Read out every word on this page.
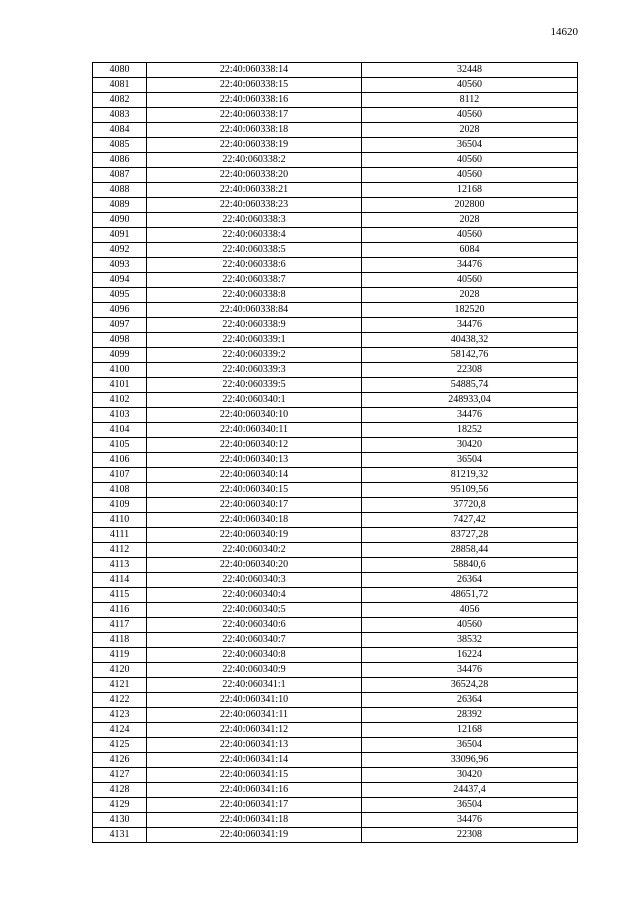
14620
4080	22:40:060338:14	32448
4081	22:40:060338:15	40560
4082	22:40:060338:16	8112
4083	22:40:060338:17	40560
4084	22:40:060338:18	2028
4085	22:40:060338:19	36504
4086	22:40:060338:2	40560
4087	22:40:060338:20	40560
4088	22:40:060338:21	12168
4089	22:40:060338:23	202800
4090	22:40:060338:3	2028
4091	22:40:060338:4	40560
4092	22:40:060338:5	6084
4093	22:40:060338:6	34476
4094	22:40:060338:7	40560
4095	22:40:060338:8	2028
4096	22:40:060338:84	182520
4097	22:40:060338:9	34476
4098	22:40:060339:1	40438,32
4099	22:40:060339:2	58142,76
4100	22:40:060339:3	22308
4101	22:40:060339:5	54885,74
4102	22:40:060340:1	248933,04
4103	22:40:060340:10	34476
4104	22:40:060340:11	18252
4105	22:40:060340:12	30420
4106	22:40:060340:13	36504
4107	22:40:060340:14	81219,32
4108	22:40:060340:15	95109,56
4109	22:40:060340:17	37720,8
4110	22:40:060340:18	7427,42
4111	22:40:060340:19	83727,28
4112	22:40:060340:2	28858,44
4113	22:40:060340:20	58840,6
4114	22:40:060340:3	26364
4115	22:40:060340:4	48651,72
4116	22:40:060340:5	4056
4117	22:40:060340:6	40560
4118	22:40:060340:7	38532
4119	22:40:060340:8	16224
4120	22:40:060340:9	34476
4121	22:40:060341:1	36524,28
4122	22:40:060341:10	26364
4123	22:40:060341:11	28392
4124	22:40:060341:12	12168
4125	22:40:060341:13	36504
4126	22:40:060341:14	33096,96
4127	22:40:060341:15	30420
4128	22:40:060341:16	24437,4
4129	22:40:060341:17	36504
4130	22:40:060341:18	34476
4131	22:40:060341:19	22308
